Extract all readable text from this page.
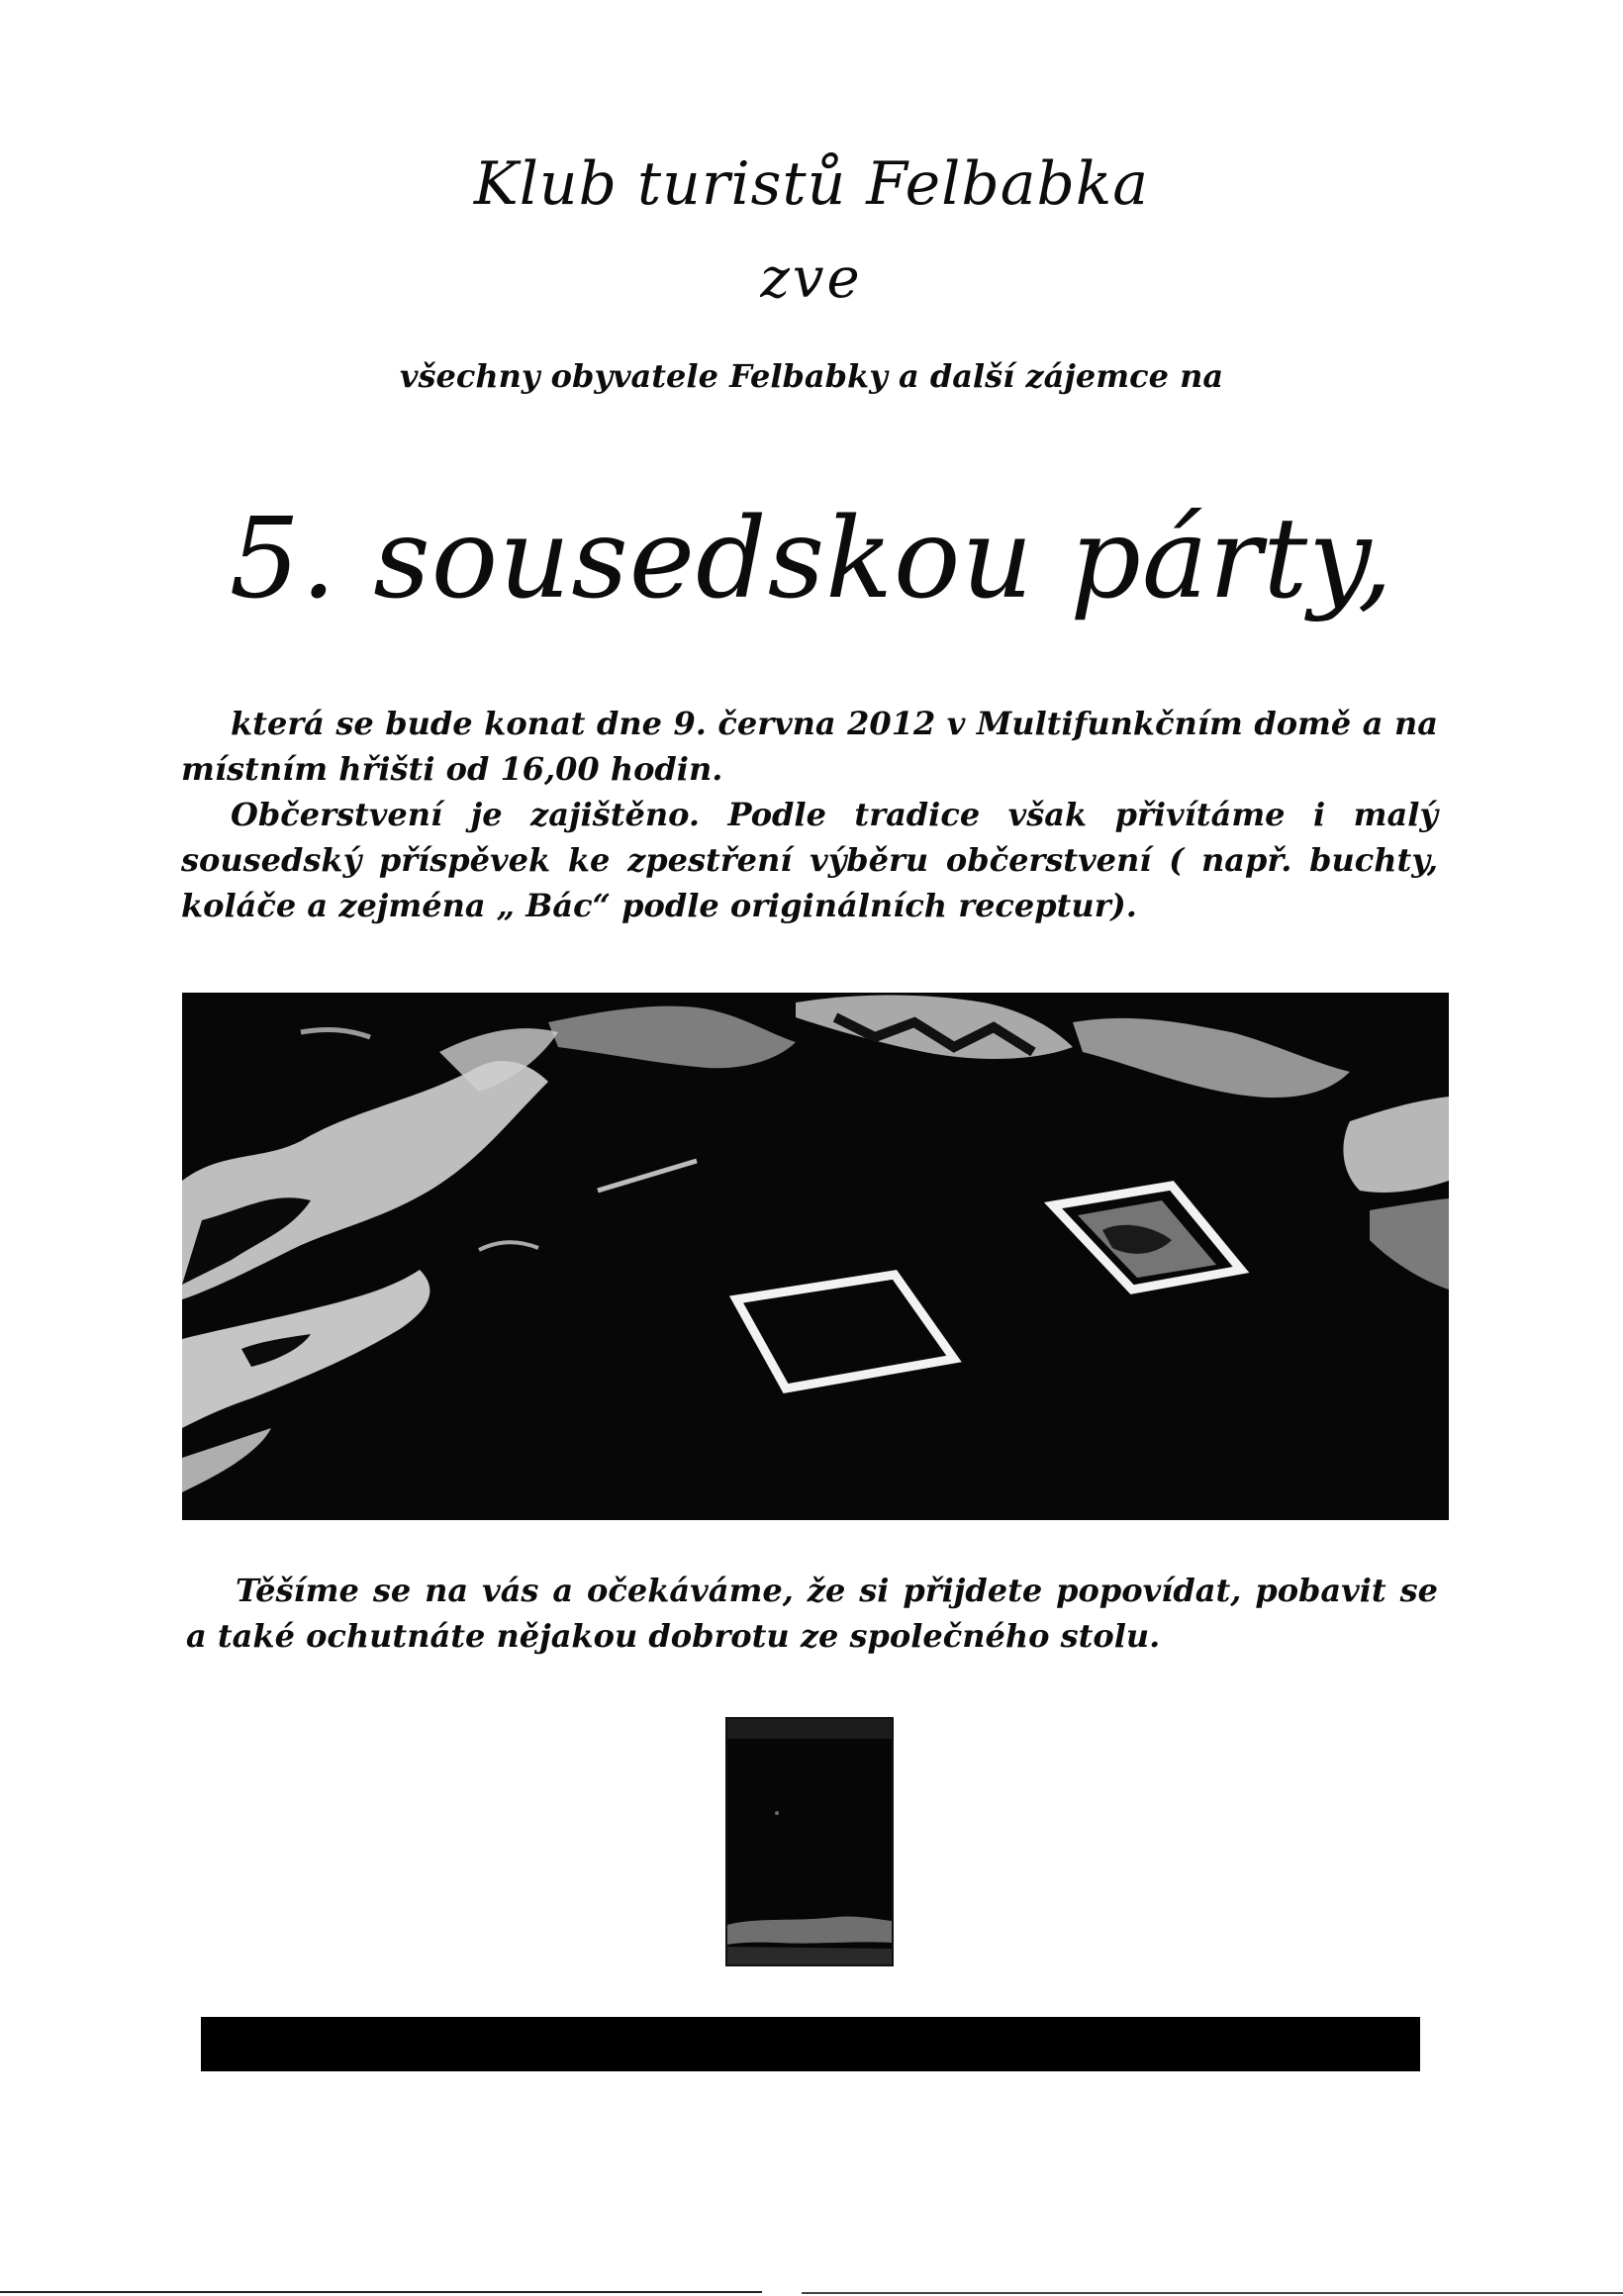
Klub turistů Felbabka
zve
všechny obyvatele Felbabky a další zájemce na
5. sousedskou párty,

která se bude konat dne 9. června 2012 v Multifunkčním domě a na místním hřišti od 16,00 hodin.

Občerstvení je zajištěno. Podle tradice však přivítáme i malý sousedský příspěvek ke zpestření výběru občerstvení ( např. buchty, koláče a zejména „ Bác“ podle originálních receptur).

Těšíme se na vás a očekáváme, že si přijdete popovídat, pobavit se a také ochutnáte nějakou dobrotu ze společného stolu.
